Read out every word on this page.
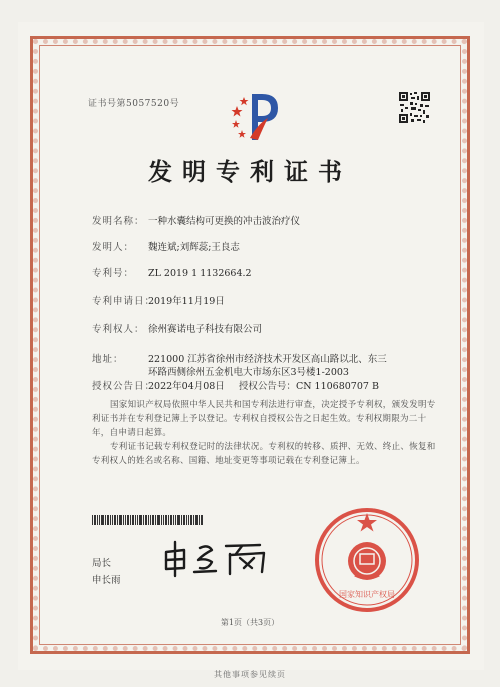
证书号第5057520号
发明专利证书
发明名称： 一种水囊结构可更换的冲击波治疗仪
发明人： 魏连斌;刘辉蕊;王良志
专利号： ZL 2019 1 1132664.2
专利申请日：2019年11月19日
专利权人： 徐州赛诺电子科技有限公司
地址：	221000 江苏省徐州市经济技术开发区高山路以北、东三
环路西侧徐州五金机电大市场东区3号楼1-2003
授权公告日：2022年04月08日 授权公告号：CN 110680707 B
国家知识产权局依照中华人民共和国专利法进行审查，决定授予专利权，颁发发明专利证书并在专利登记簿上予以登记。专利权自授权公告之日起生效。专利权期限为二十年，自申请日起算。
专利证书记载专利权登记时的法律状况。专利权的转移、质押、无效、终止、恢复和专利权人的姓名或名称、国籍、地址变更等事项记载在专利登记簿上。
局长
申长雨
国家知识产权局
第1页（共3页）
其他事项参见续页
